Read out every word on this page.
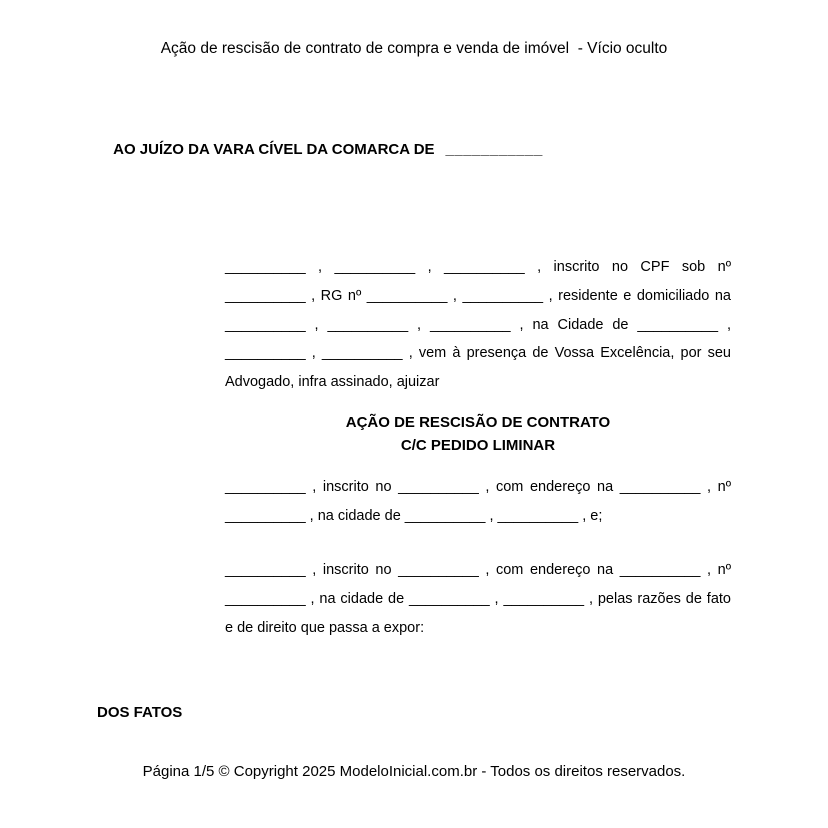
Ação de rescisão de contrato de compra e venda de imóvel  - Vício oculto

AO JUÍZO DA VARA CÍVEL DA COMARCA DE ___________

__________ , __________ , __________ , inscrito no CPF sob nº
__________ , RG nº __________ , __________ , residente e domiciliado na
__________ , __________ , __________ , na Cidade de __________ ,
__________ , __________ , vem à presença de Vossa Excelência, por seu
Advogado, infra assinado, ajuizar
AÇÃO DE RESCISÃO DE CONTRATO
C/C PEDIDO LIMINAR
__________ , inscrito no __________ , com endereço na __________ , nº
__________ , na cidade de __________ , __________ , e;
__________ , inscrito no __________ , com endereço na __________ , nº
__________ , na cidade de __________ , __________ , pelas razões de fato
e de direito que passa a expor:
DOS FATOS
Página 1/5 © Copyright 2025 ModeloInicial.com.br - Todos os direitos reservados.
